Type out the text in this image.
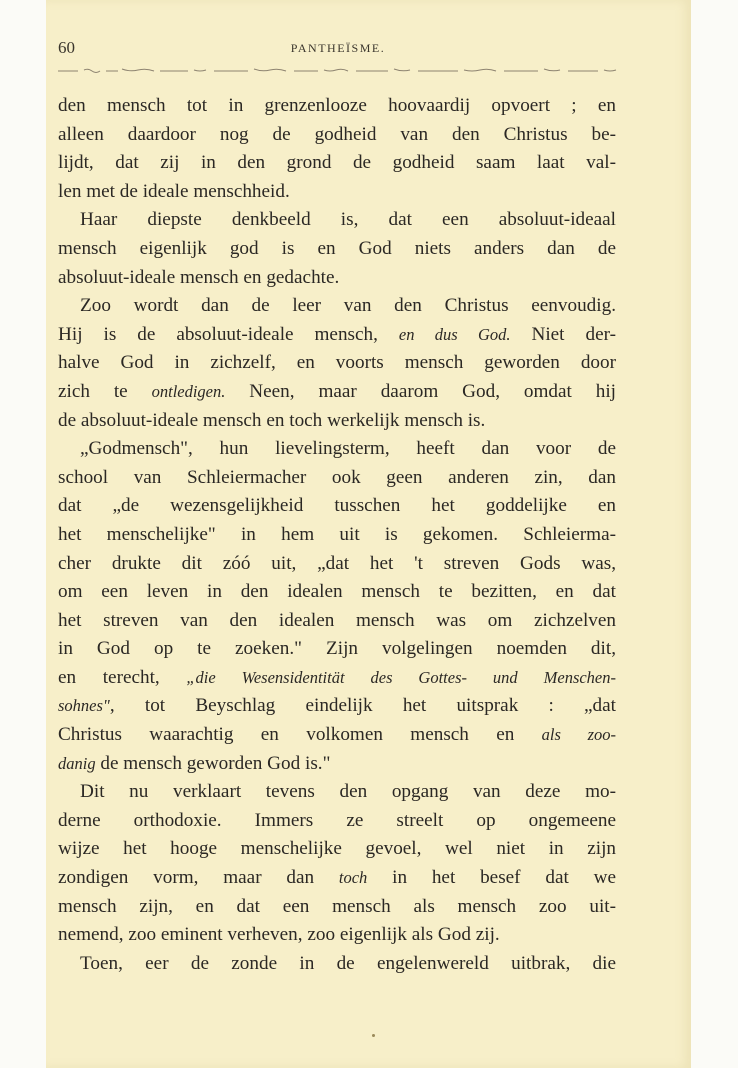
60	PANTHEÏSME.
den mensch tot in grenzenlooze hoovaardij opvoert ; en
alleen daardoor nog de godheid van den Christus be-
lijdt, dat zij in den grond de godheid saam laat val-
len met de ideale menschheid.
Haar diepste denkbeeld is, dat een absoluut-ideaal
mensch eigenlijk god is en God niets anders dan de
absoluut-ideale mensch en gedachte.
Zoo wordt dan de leer van den Christus eenvoudig.
Hij is de absoluut-ideale mensch, en dus God. Niet der-
halve God in zichzelf, en voorts mensch geworden door
zich te ontledigen. Neen, maar daarom God, omdat hij
de absoluut-ideale mensch en toch werkelijk mensch is.
„Godmensch", hun lievelingsterm, heeft dan voor de
school van Schleiermacher ook geen anderen zin, dan
dat „de wezensgelijkheid tusschen het goddelijke en
het menschelijke" in hem uit is gekomen. Schleierma-
cher drukte dit zóó uit, „dat het 't streven Gods was,
om een leven in den idealen mensch te bezitten, en dat
het streven van den idealen mensch was om zichzelven
in God op te zoeken." Zijn volgelingen noemden dit,
en terecht, „die Wesensidentität des Gottes- und Menschen-
sohnes", tot Beyschlag eindelijk het uitsprak : „dat
Christus waarachtig en volkomen mensch en als zoo-
danig de mensch geworden God is."
Dit nu verklaart tevens den opgang van deze mo-
derne orthodoxie. Immers ze streelt op ongemeene
wijze het hooge menschelijke gevoel, wel niet in zijn
zondigen vorm, maar dan toch in het besef dat we
mensch zijn, en dat een mensch als mensch zoo uit-
nemend, zoo eminent verheven, zoo eigenlijk als God zij.
Toen, eer de zonde in de engelenwereld uitbrak, die
